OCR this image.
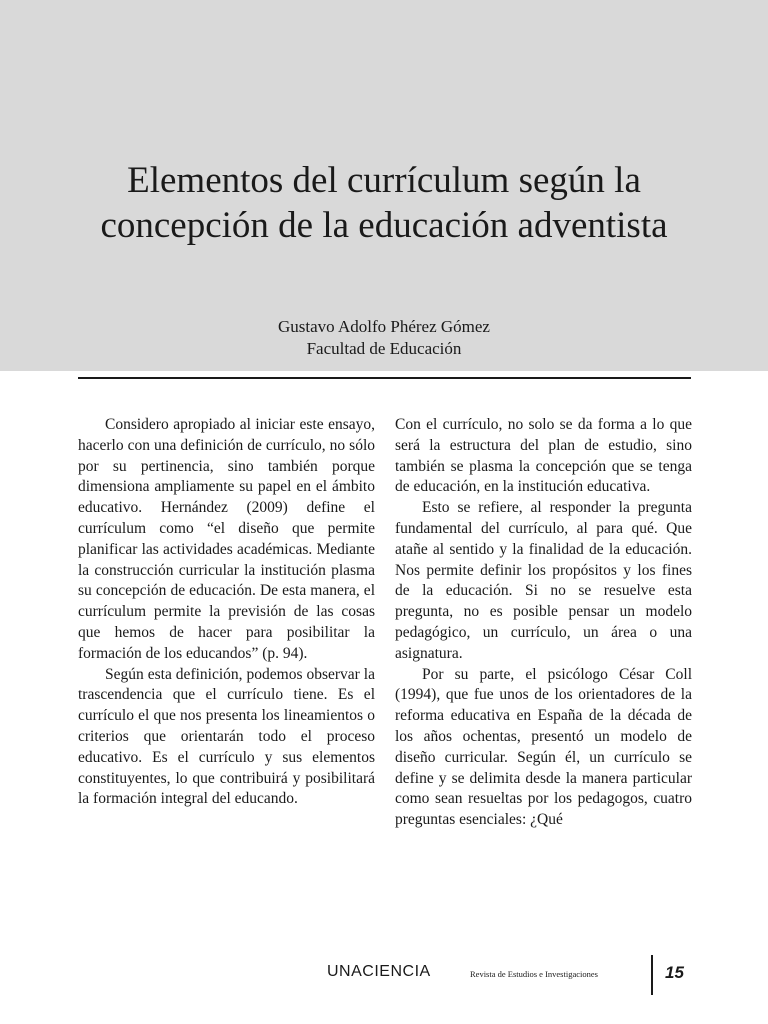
Elementos del currículum según la concepción de la educación adventista
Gustavo Adolfo Phérez Gómez
Facultad de Educación

Considero apropiado al iniciar este ensayo, hacerlo con una definición de currículo, no sólo por su pertinencia, sino también porque dimensiona ampliamente su papel en el ámbito educativo. Hernández (2009) define el currículum como “el diseño que permite planificar las actividades académicas. Mediante la construcción curricular la institución plasma su concepción de educación. De esta manera, el currículum permite la previsión de las cosas que hemos de hacer para posibilitar la formación de los educandos” (p. 94).

Según esta definición, podemos observar la trascendencia que el currículo tiene. Es el currículo el que nos presenta los lineamientos o criterios que orientarán todo el proceso educativo. Es el currículo y sus elementos constituyentes, lo que contribuirá y posibilitará la formación integral del educando.

Con el currículo, no solo se da forma a lo que será la estructura del plan de estudio, sino también se plasma la concepción que se tenga de educación, en la institución educativa.

Esto se refiere, al responder la pregunta fundamental del currículo, al para qué. Que atañe al sentido y la finalidad de la educación. Nos permite definir los propósitos y los fines de la educación. Si no se resuelve esta pregunta, no es posible pensar un modelo pedagógico, un currículo, un área o una asignatura.

Por su parte, el psicólogo César Coll (1994), que fue unos de los orientadores de la reforma educativa en España de la década de los años ochentas, presentó un modelo de diseño curricular. Según él, un currículo se define y se delimita desde la manera particular como sean resueltas por los pedagogos, cuatro preguntas esenciales: ¿Qué

UNACIENCIA	Revista de Estudios e Investigaciones	15
